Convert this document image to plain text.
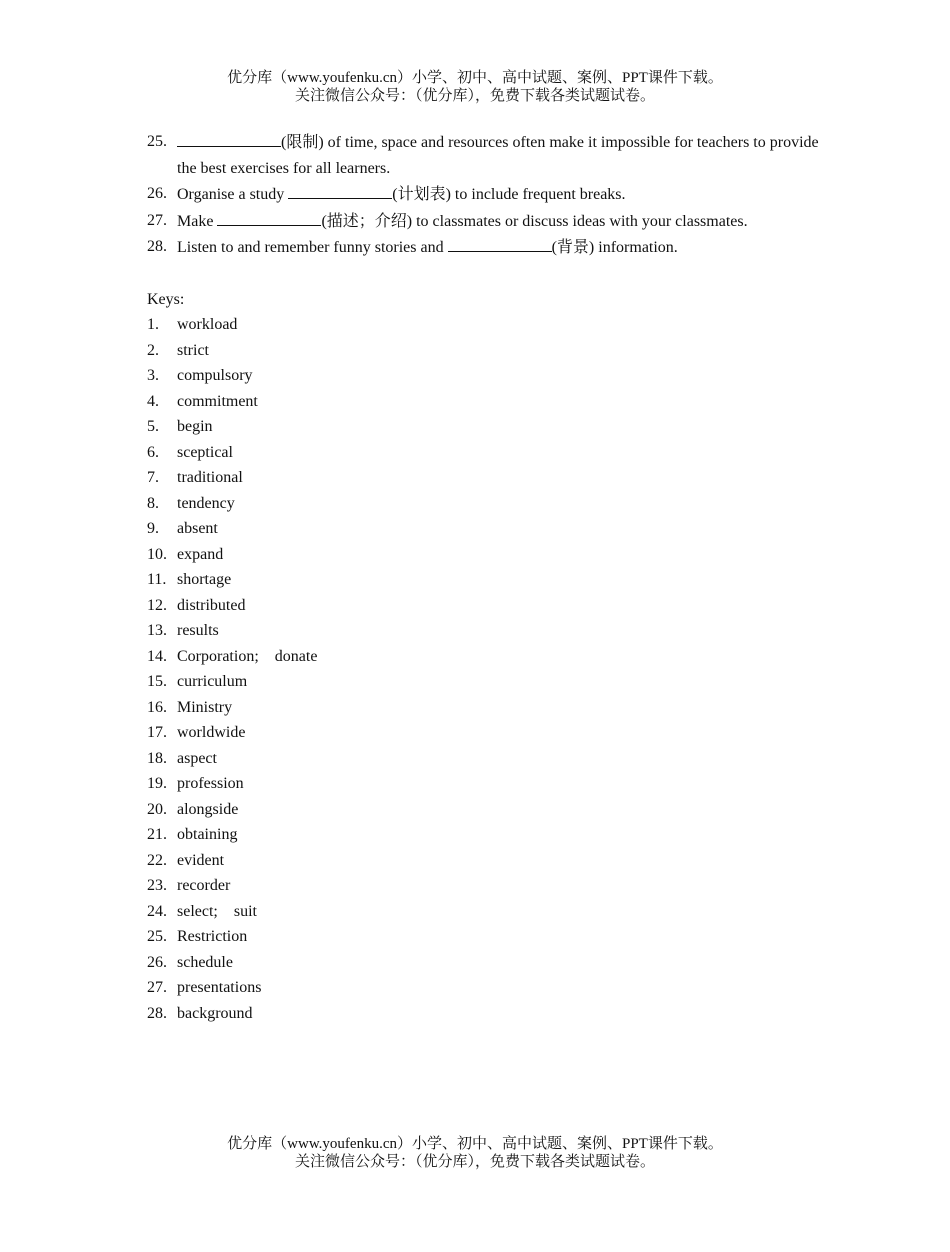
优分库（www.youfenku.cn）小学、初中、高中试题、案例、PPT课件下载。
关注微信公众号：（优分库），免费下载各类试题试卷。
25.	(限制) of time, space and resources often make it impossible for teachers to provide the best exercises for all learners.
26. Organise a study	(计划表) to include frequent breaks.
27. Make	(描述；介绍) to classmates or discuss ideas with your classmates.
28. Listen to and remember funny stories and	(背景) information.
Keys:
1. workload
2. strict
3. compulsory
4. commitment
5. begin
6. sceptical
7. traditional
8. tendency
9. absent
10. expand
11. shortage
12. distributed
13. results
14. Corporation;    donate
15. curriculum
16. Ministry
17. worldwide
18. aspect
19. profession
20. alongside
21. obtaining
22. evident
23. recorder
24. select;    suit
25. Restriction
26. schedule
27. presentations
28. background
优分库（www.youfenku.cn）小学、初中、高中试题、案例、PPT课件下载。
关注微信公众号：（优分库），免费下载各类试题试卷。
